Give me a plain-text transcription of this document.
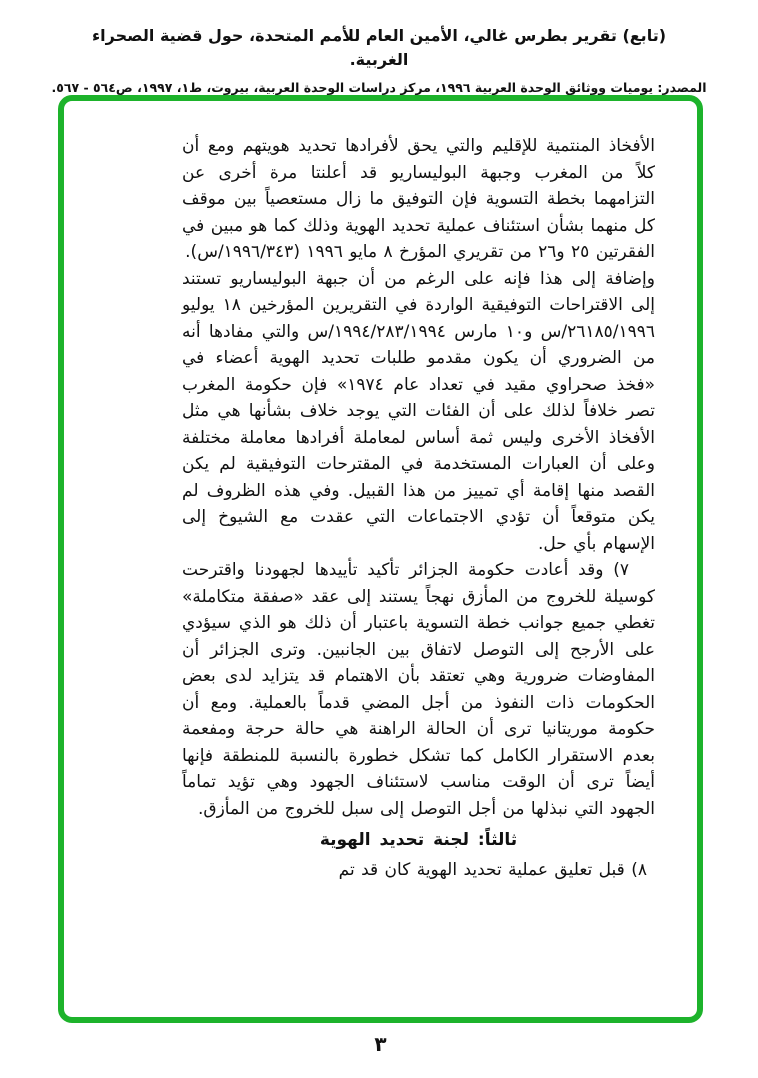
(تابع) تقرير بطرس غالي، الأمين العام للأمم المتحدة، حول قضية الصحراء الغربية.
المصدر: يوميات ووثائق الوحدة العربية ١٩٩٦، مركز دراسات الوحدة العربية، بيروت، ط١، ١٩٩٧، ص٥٦٤ - ٥٦٧.

الأفخاذ المنتمية للإقليم والتي يحق لأفرادها تحديد هويتهم ومع أن كلاً من المغرب وجبهة البوليساريو قد أعلنتا مرة أخرى عن التزامهما بخطة التسوية فإن التوفيق ما زال مستعصياً بين موقف كل منهما بشأن استئناف عملية تحديد الهوية وذلك كما هو مبين في الفقرتين ٢٥ و٢٦ من تقريري المؤرخ ٨ مايو ١٩٩٦ (‭س/١٩٩٦/٣٤٣‬).

وإضافة إلى هذا فإنه على الرغم من أن جبهة البوليساريو تستند إلى الاقتراحات التوفيقية الواردة في التقريرين المؤرخين ١٨ يوليو ١٩٩٦/‭س/٢٦١٨٥‬ و١٠ مارس ١٩٩٤/‭س/١٩٩٤/٢٨٣‬ والتي مفادها أنه من الضروري أن يكون مقدمو طلبات تحديد الهوية أعضاء في «فخذ صحراوي مقيد في تعداد عام ١٩٧٤» فإن حكومة المغرب تصر خلافاً لذلك على أن الفئات التي يوجد خلاف بشأنها هي مثل الأفخاذ الأخرى وليس ثمة أساس لمعاملة أفرادها معاملة مختلفة وعلى أن العبارات المستخدمة في المقترحات التوفيقية لم يكن القصد منها إقامة أي تمييز من هذا القبيل. وفي هذه الظروف لم يكن متوقعاً أن تؤدي الاجتماعات التي عقدت مع الشيوخ إلى الإسهام بأي حل.

٧) وقد أعادت حكومة الجزائر تأكيد تأييدها لجهودنا واقترحت كوسيلة للخروج من المأزق نهجاً يستند إلى عقد «صفقة متكاملة» تغطي جميع جوانب خطة التسوية باعتبار أن ذلك هو الذي سيؤدي على الأرجح إلى التوصل لاتفاق بين الجانبين. وترى الجزائر أن المفاوضات ضرورية وهي تعتقد بأن الاهتمام قد يتزايد لدى بعض الحكومات ذات النفوذ من أجل المضي قدماً بالعملية. ومع أن حكومة موريتانيا ترى أن الحالة الراهنة هي حالة حرجة ومفعمة بعدم الاستقرار الكامل كما تشكل خطورة بالنسبة للمنطقة فإنها أيضاً ترى أن الوقت مناسب لاستئناف الجهود وهي تؤيد تماماً الجهود التي نبذلها من أجل التوصل إلى سبل للخروج من المأزق.

ثالثاً: لجنة تحديد الهوية

٨) قبل تعليق عملية تحديد الهوية كان قد تم

٣
